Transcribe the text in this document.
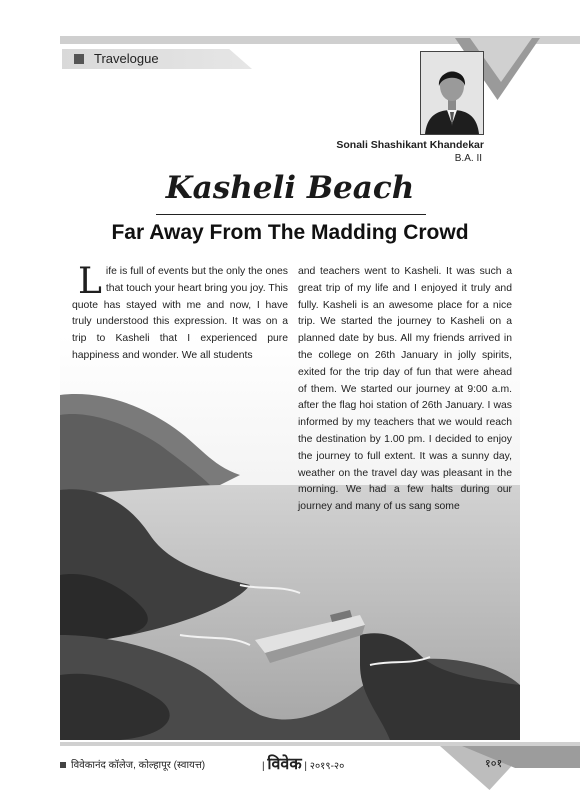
Travelogue
Sonali Shashikant Khandekar
B.A. II
Kasheli Beach
Far Away From The Madding Crowd
Life is full of events but the only the ones that touch your heart bring you joy. This quote has stayed with me and now, I have truly understood this expression. It was on a trip to Kasheli that I experienced pure happiness and wonder. We all students
and teachers went to Kasheli. It was such a great trip of my life and I enjoyed it truly and fully. Kasheli is an awesome place for a nice trip. We started the journey to Kasheli on a planned date by bus. All my friends arrived in the college on 26th January in jolly spirits, exited for the trip day of fun that were ahead of them. We started our journey at 9:00 a.m. after the flag hoi station of 26th January. I was informed by my teachers that we would reach the destination by 1.00 pm. I decided to enjoy the journey to full extent. It was a sunny day, weather on the travel day was pleasant in the morning. We had a few halts during our journey and many of us sang some
विवेकानंद कॉलेज, कोल्हापूर (स्वायत्त)	| विवेक | २०१९-२०	१०१
